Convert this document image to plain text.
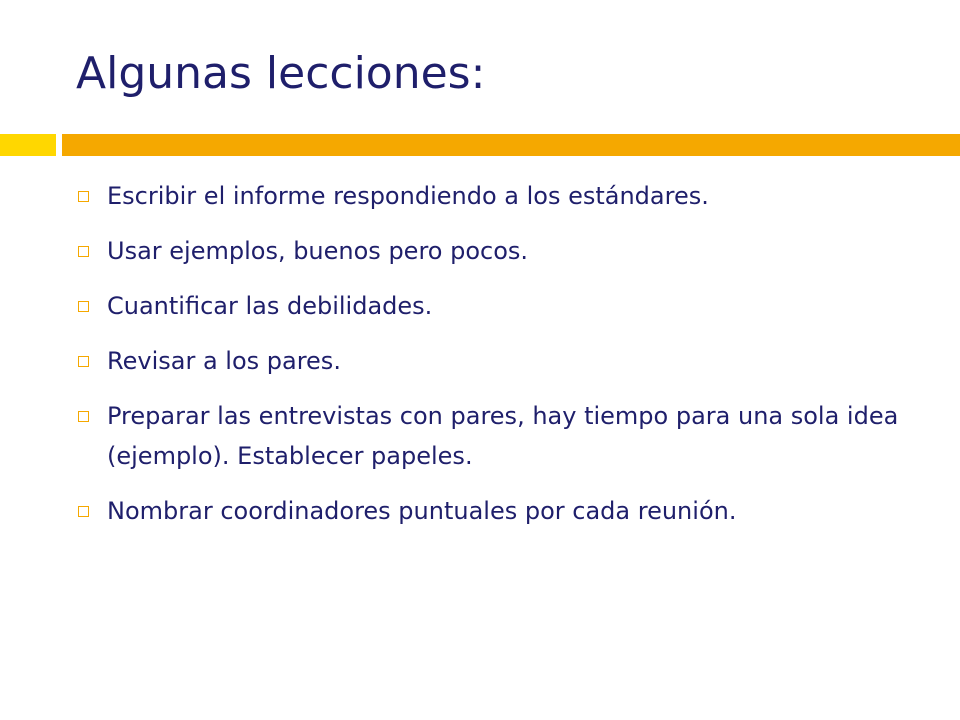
Algunas lecciones:
Escribir el informe respondiendo a los estándares.
Usar ejemplos, buenos pero pocos.
Cuantificar las debilidades.
Revisar a los pares.
Preparar las entrevistas con pares, hay tiempo para una sola idea (ejemplo). Establecer papeles.
Nombrar coordinadores puntuales por cada reunión.
